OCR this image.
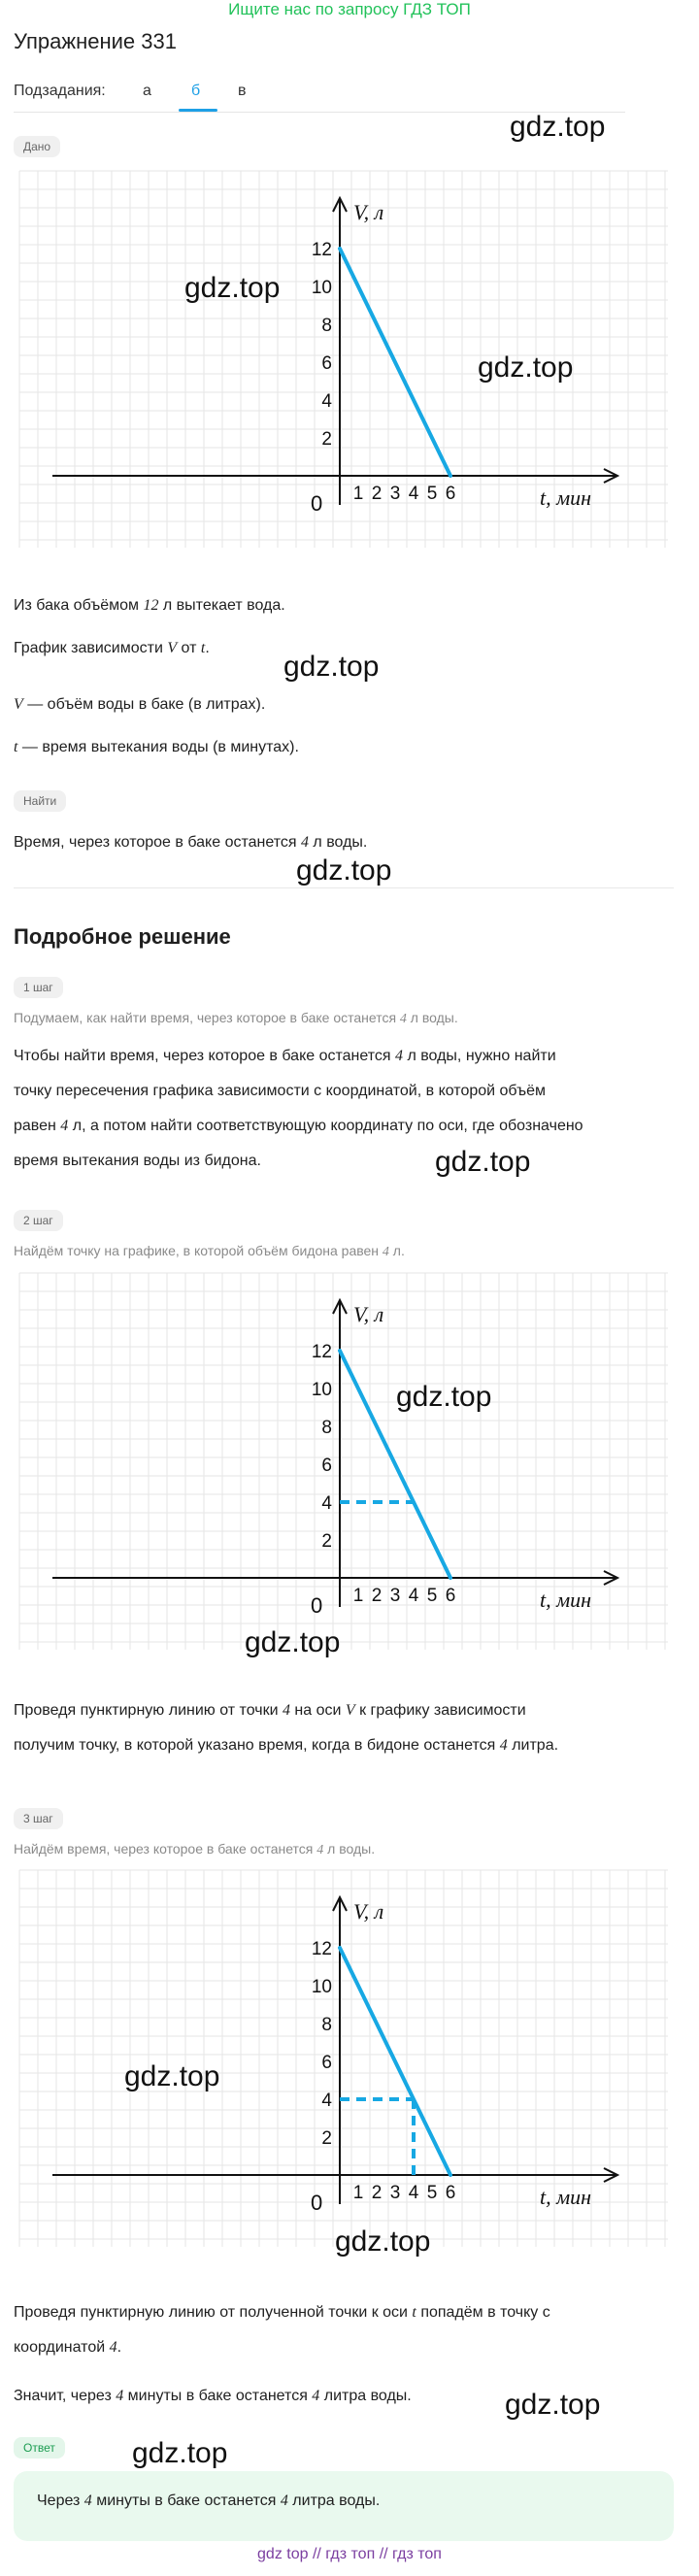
Ищите нас по запросу ГДЗ ТОП
Упражнение 331
Подзадания: а	б в
Дано
V, л
t, мин
0
2
4
6
8
10
12
1 2 3 4 5 6
Из бака объёмом 12 л вытекает вода.
График зависимости V от t.
V — объём воды в баке (в литрах).
t — время вытекания воды (в минутах).
Найти
Время, через которое в баке останется 4 л воды.
Подробное решение
1 шаг
Подумаем, как найти время, через которое в баке останется 4 л воды.
Чтобы найти время, через которое в баке останется 4 л воды, нужно найти
точку пересечения графика зависимости с координатой, в которой объём
равен 4 л, а потом найти соответствующую координату по оси, где обозначено
время вытекания воды из бидона.
2 шаг
Найдём точку на графике, в которой объём бидона равен 4 л.
V, л
t, мин
0
2
4
6
8
10
12
1 2 3 4 5 6
Проведя пунктирную линию от точки 4 на оси V к графику зависимости
получим точку, в которой указано время, когда в бидоне останется 4 литра.
3 шаг
Найдём время, через которое в баке останется 4 л воды.
V, л
t, мин
0
2
4
6
8
10
12
1 2 3 4 5 6
Проведя пунктирную линию от полученной точки к оси t попадём в точку с
координатой 4.
Значит, через 4 минуты в баке останется 4 литра воды.
Ответ
Через 4 минуты в баке останется 4 литра воды.
gdz top // гдз топ // гдз топ
gdz.top
gdz.top
gdz.top
gdz.top
gdz.top
gdz.top
gdz.top
gdz.top
gdz.top
gdz.top
gdz.top
gdz.top
